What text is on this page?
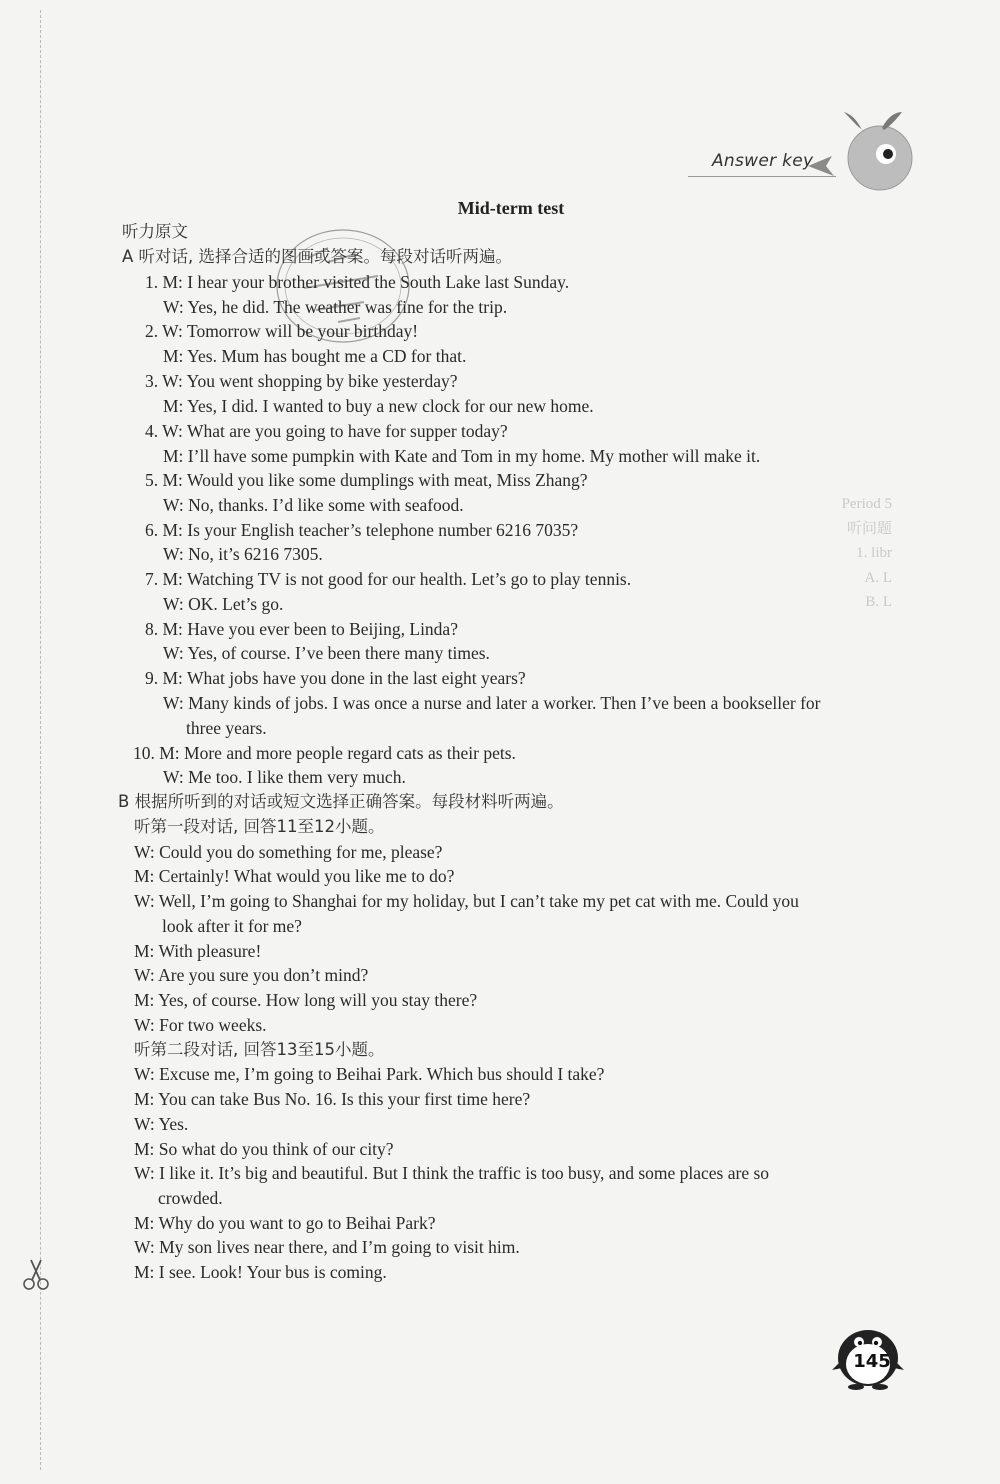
Answer key
Period 5
听问题
1. libr
A. L
B. L
Mid-term test
听力原文
A 听对话, 选择合适的图画或答案。每段对话听两遍。
1. M: I hear your brother visited the South Lake last Sunday.
W: Yes, he did. The weather was fine for the trip.
2. W: Tomorrow will be your birthday!
M: Yes. Mum has bought me a CD for that.
3. W: You went shopping by bike yesterday?
M: Yes, I did. I wanted to buy a new clock for our new home.
4. W: What are you going to have for supper today?
M: I’ll have some pumpkin with Kate and Tom in my home. My mother will make it.
5. M: Would you like some dumplings with meat, Miss Zhang?
W: No, thanks. I’d like some with seafood.
6. M: Is your English teacher’s telephone number 6216 7035?
W: No, it’s 6216 7305.
7. M: Watching TV is not good for our health. Let’s go to play tennis.
W: OK. Let’s go.
8. M: Have you ever been to Beijing, Linda?
W: Yes, of course. I’ve been there many times.
9. M: What jobs have you done in the last eight years?
W: Many kinds of jobs. I was once a nurse and later a worker. Then I’ve been a bookseller for
three years.
10. M: More and more people regard cats as their pets.
W: Me too. I like them very much.
B 根据所听到的对话或短文选择正确答案。每段材料听两遍。
听第一段对话, 回答11至12小题。
W: Could you do something for me, please?
M: Certainly! What would you like me to do?
W: Well, I’m going to Shanghai for my holiday, but I can’t take my pet cat with me. Could you
look after it for me?
M: With pleasure!
W: Are you sure you don’t mind?
M: Yes, of course. How long will you stay there?
W: For two weeks.
听第二段对话, 回答13至15小题。
W: Excuse me, I’m going to Beihai Park. Which bus should I take?
M: You can take Bus No. 16. Is this your first time here?
W: Yes.
M: So what do you think of our city?
W: I like it. It’s big and beautiful. But I think the traffic is too busy, and some places are so
crowded.
M: Why do you want to go to Beihai Park?
W: My son lives near there, and I’m going to visit him.
M: I see. Look! Your bus is coming.
145
